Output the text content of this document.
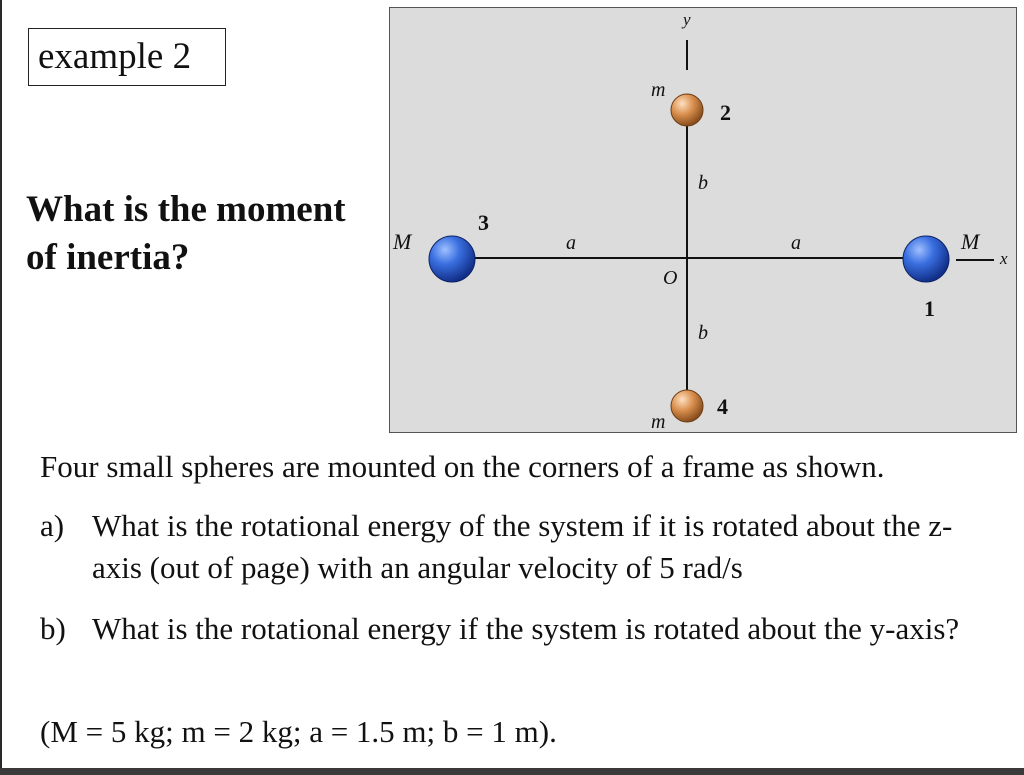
example 2
What is the moment of inertia?
y
x
O
a	a
b
b
m
2
m
4
M
3
M
1
Four small spheres are mounted on the corners of a frame as shown.
a) What is the rotational energy of the system if it is rotated about the z-axis (out of page) with an angular velocity of 5 rad/s
b) What is the rotational energy if the system is rotated about the y-axis?
(M = 5 kg; m = 2 kg; a = 1.5 m; b = 1 m).
